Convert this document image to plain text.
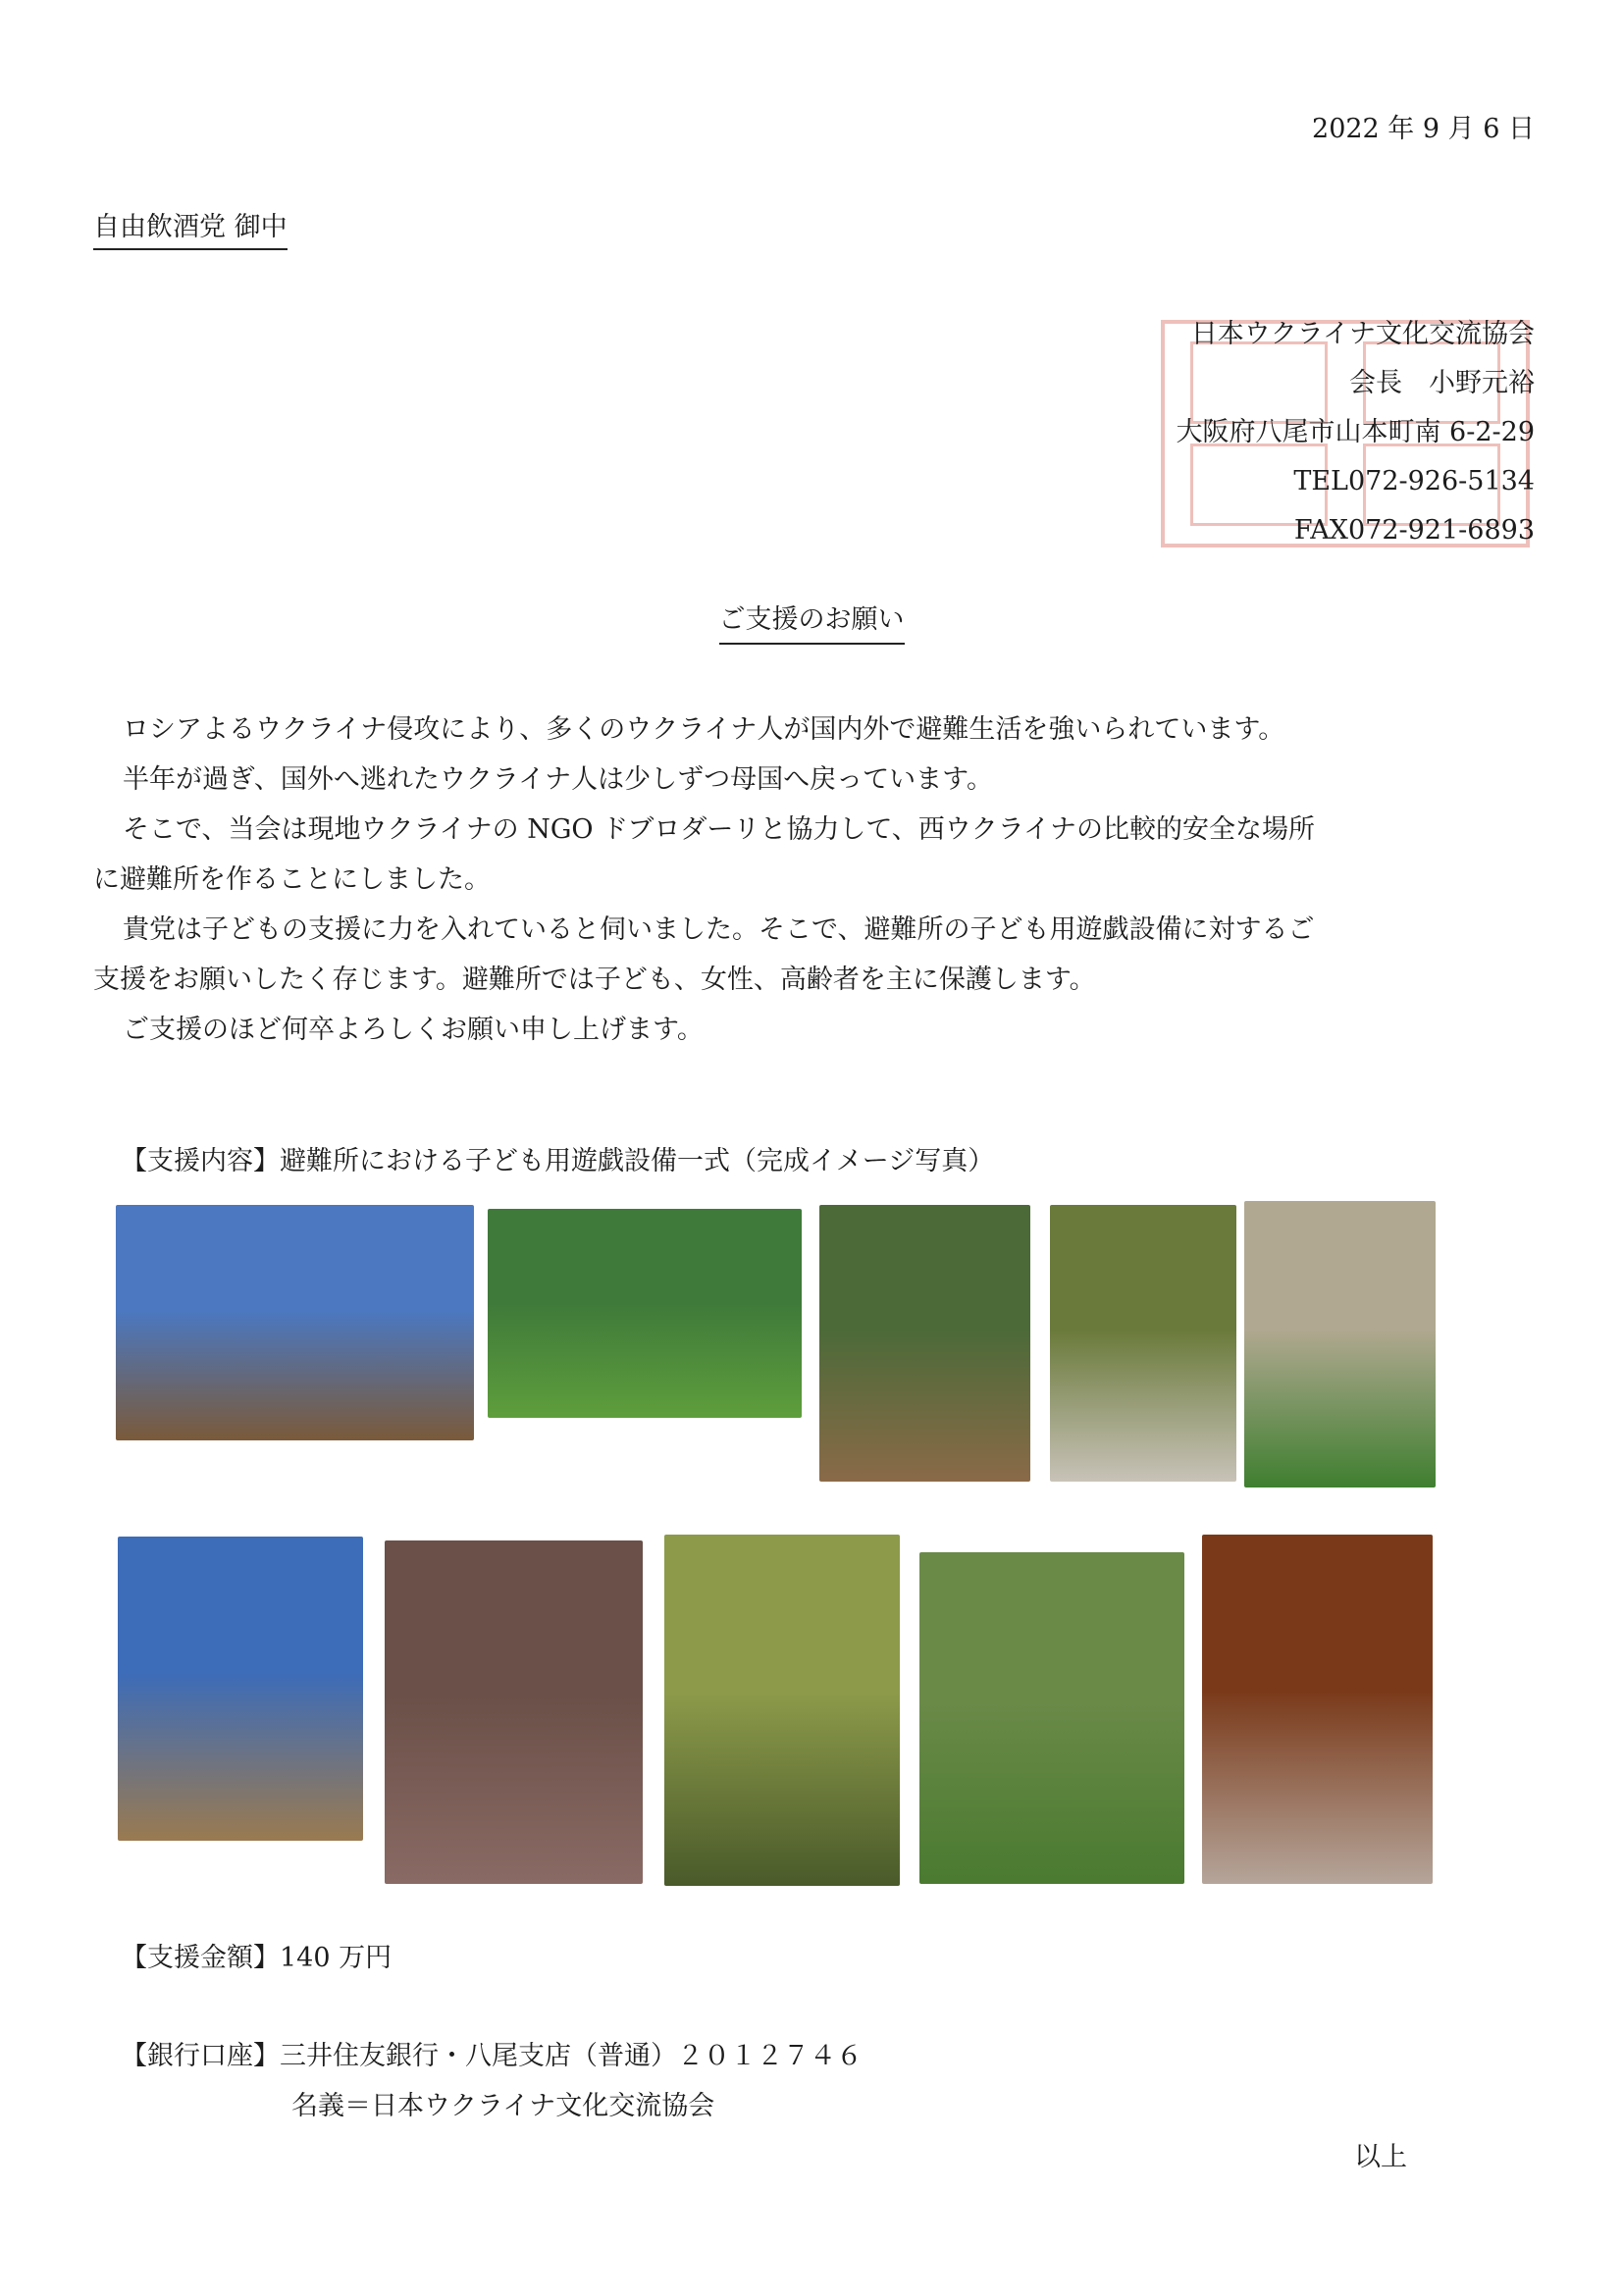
2022 年 9 月 6 日
自由飲酒党 御中
日本ウクライナ文化交流協会
会長　小野元裕
大阪府八尾市山本町南 6-2-29
TEL072-926-5134
FAX072-921-6893
ご支援のお願い

ロシアよるウクライナ侵攻により、多くのウクライナ人が国内外で避難生活を強いられています。

半年が過ぎ、国外へ逃れたウクライナ人は少しずつ母国へ戻っています。

そこで、当会は現地ウクライナの NGO ドブロダーリと協力して、西ウクライナの比較的安全な場所

に避難所を作ることにしました。

貴党は子どもの支援に力を入れていると伺いました。そこで、避難所の子ども用遊戯設備に対するご

支援をお願いしたく存じます。避難所では子ども、女性、高齢者を主に保護します。

ご支援のほど何卒よろしくお願い申し上げます。

【支援内容】避難所における子ども用遊戯設備一式（完成イメージ写真）
【支援金額】140 万円
【銀行口座】三井住友銀行・八尾支店（普通）２０１２７４６
名義＝日本ウクライナ文化交流協会
以上
